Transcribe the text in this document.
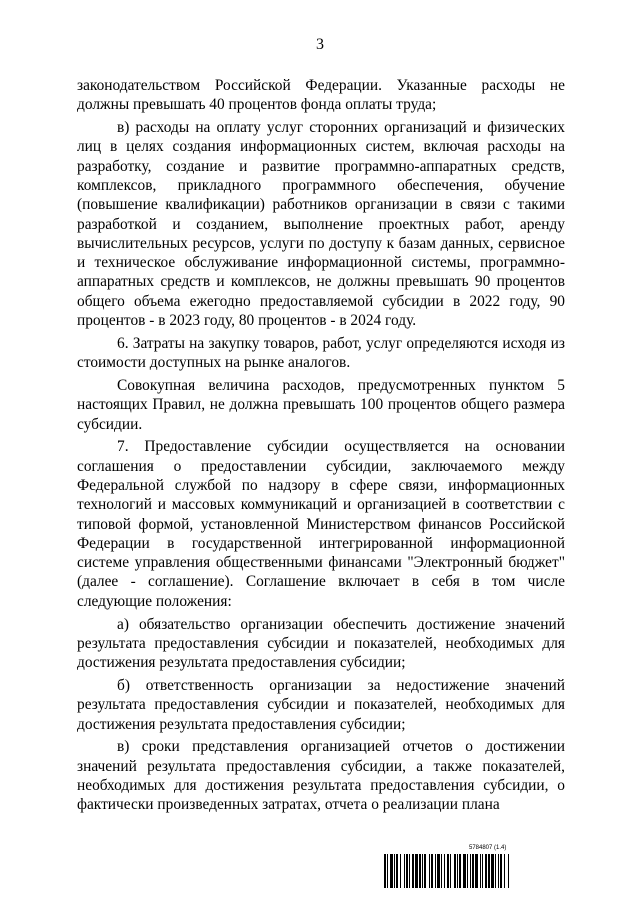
3

законодательством Российской Федерации. Указанные расходы не должны превышать 40 процентов фонда оплаты труда;

в) расходы на оплату услуг сторонних организаций и физических лиц в целях создания информационных систем, включая расходы на разработку, создание и развитие программно-аппаратных средств, комплексов, прикладного программного обеспечения, обучение (повышение квалификации) работников организации в связи с такими разработкой и созданием, выполнение проектных работ, аренду вычислительных ресурсов, услуги по доступу к базам данных, сервисное и техническое обслуживание информационной системы, программно-аппаратных средств и комплексов, не должны превышать 90 процентов общего объема ежегодно предоставляемой субсидии в 2022 году, 90 процентов - в 2023 году, 80 процентов - в 2024 году.

6. Затраты на закупку товаров, работ, услуг определяются исходя из стоимости доступных на рынке аналогов.

Совокупная величина расходов, предусмотренных пунктом 5 настоящих Правил, не должна превышать 100 процентов общего размера субсидии.

7. Предоставление субсидии осуществляется на основании соглашения о предоставлении субсидии, заключаемого между Федеральной службой по надзору в сфере связи, информационных технологий и массовых коммуникаций и организацией в соответствии с типовой формой, установленной Министерством финансов Российской Федерации в государственной интегрированной информационной системе управления общественными финансами "Электронный бюджет" (далее - соглашение). Соглашение включает в себя в том числе следующие положения:

а) обязательство организации обеспечить достижение значений результата предоставления субсидии и показателей, необходимых для достижения результата предоставления субсидии;

б) ответственность организации за недостижение значений результата предоставления субсидии и показателей, необходимых для достижения результата предоставления субсидии;

в) сроки представления организацией отчетов о достижении значений результата предоставления субсидии, а также показателей, необходимых для достижения результата предоставления субсидии, о фактически произведенных затратах, отчета о реализации плана

5784807 (1.4)
